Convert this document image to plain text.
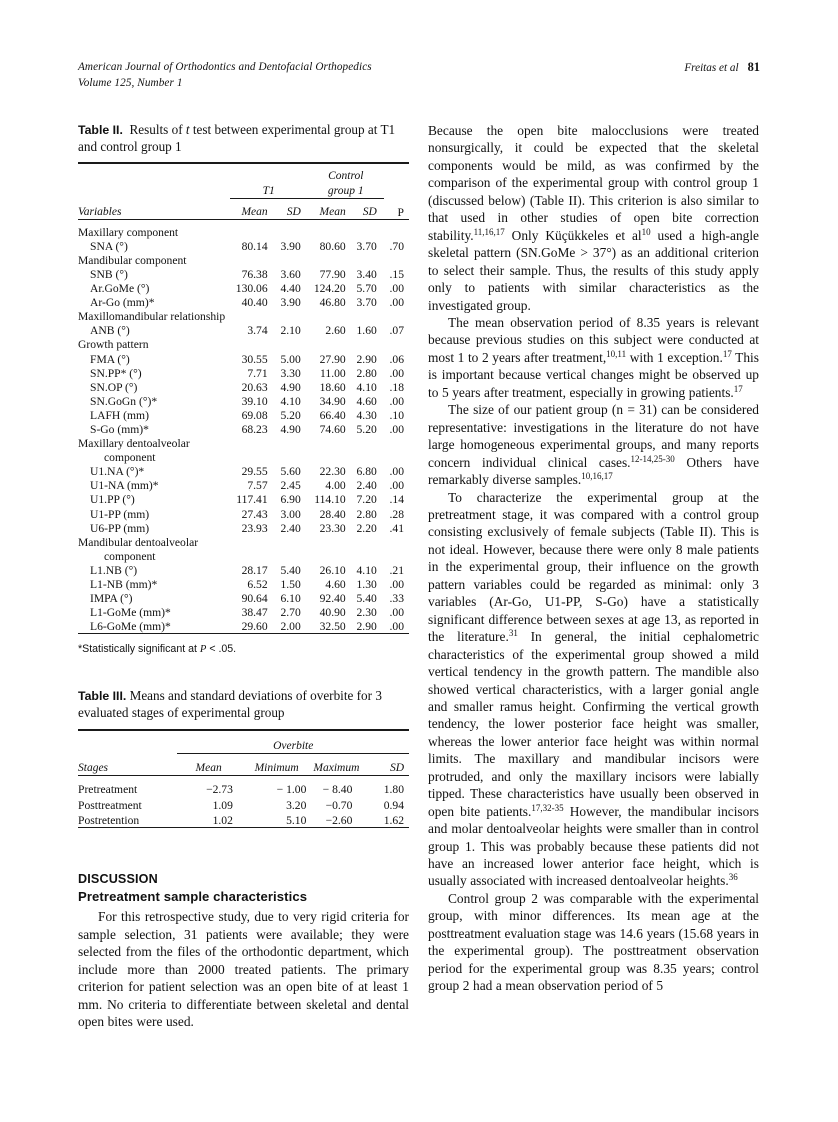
American Journal of Orthodontics and Dentofacial Orthopedics
Volume 125, Number 1
Freitas et al 81
Table II.  Results of t test between experimental group at T1 and control group 1

			Control		
	T1		group 1		

Variables	Mean	SD	Mean	SD	P

Maxillary component					
SNA (°)	80.14	3.90	80.60	3.70	.70
Mandibular component					
SNB (°)	76.38	3.60	77.90	3.40	.15
Ar.GoMe (°)	130.06	4.40	124.20	5.70	.00
Ar-Go (mm)*	40.40	3.90	46.80	3.70	.00
Maxillomandibular relationship					
ANB (°)	3.74	2.10	2.60	1.60	.07
Growth pattern					
FMA (°)	30.55	5.00	27.90	2.90	.06
SN.PP* (°)	7.71	3.30	11.00	2.80	.00
SN.OP (°)	20.63	4.90	18.60	4.10	.18
SN.GoGn (°)*	39.10	4.10	34.90	4.60	.00
LAFH (mm)	69.08	5.20	66.40	4.30	.10
S-Go (mm)*	68.23	4.90	74.60	5.20	.00
Maxillary dentoalveolar					
component					
U1.NA (°)*	29.55	5.60	22.30	6.80	.00
U1-NA (mm)*	7.57	2.45	4.00	2.40	.00
U1.PP (°)	117.41	6.90	114.10	7.20	.14
U1-PP (mm)	27.43	3.00	28.40	2.80	.28
U6-PP (mm)	23.93	2.40	23.30	2.20	.41
Mandibular dentoalveolar					
component					
L1.NB (°)	28.17	5.40	26.10	4.10	.21
L1-NB (mm)*	6.52	1.50	4.60	1.30	.00
IMPA (°)	90.64	6.10	92.40	5.40	.33
L1-GoMe (mm)*	38.47	2.70	40.90	2.30	.00
L6-GoMe (mm)*	29.60	2.00	32.50	2.90	.00

*Statistically significant at P < .05.
Table III. Means and standard deviations of overbite for 3 evaluated stages of experimental group

	Overbite			

Stages	Mean	Minimum	Maximum	SD

Pretreatment	−2.73	− 1.00	− 8.40	1.80
Posttreatment	1.09	3.20	−0.70	0.94
Postretention	1.02	5.10	−2.60	1.62

DISCUSSION
Pretreatment sample characteristics

For this retrospective study, due to very rigid criteria for sample selection, 31 patients were available; they were selected from the files of the orthodontic department, which include more than 2000 treated patients. The primary criterion for patient selection was an open bite of at least 1 mm. No criteria to differentiate between skeletal and dental open bites were used.

Because the open bite malocclusions were treated nonsurgically, it could be expected that the skeletal components would be mild, as was confirmed by the comparison of the experimental group with control group 1 (discussed below) (Table II). This criterion is also similar to that used in other studies of open bite correction stability.$^{11,16,17}$ Only Küçükkeles et $al^{10}$ used a high-angle skeletal pattern (SN.GoMe > 37°) as an additional criterion to select their sample. Thus, the results of this study apply only to patients with similar characteristics as the investigated group.

The mean observation period of 8.35 years is relevant because previous studies on this subject were conducted at most 1 to 2 years after treatment,$^{10,11}$ with 1 exception.$^{17}$ This is important because vertical changes might be observed up to 5 years after treatment, especially in growing patients.$^{17}$

The size of our patient group (n = 31) can be considered representative: investigations in the literature do not have large homogeneous experimental groups, and many reports concern individual clinical cases.$^{12-14,25-30}$ Others have remarkably diverse samples.$^{10,16,17}$

To characterize the experimental group at the pretreatment stage, it was compared with a control group consisting exclusively of female subjects (Table II). This is not ideal. However, because there were only 8 male patients in the experimental group, their influence on the growth pattern variables could be regarded as minimal: only 3 variables (Ar-Go, U1-PP, S-Go) have a statistically significant difference between sexes at age 13, as reported in the literature.$^{31}$ In general, the initial cephalometric characteristics of the experimental group showed a mild vertical tendency in the growth pattern. The mandible also showed vertical characteristics, with a larger gonial angle and smaller ramus height. Confirming the vertical growth tendency, the lower posterior face height was smaller, whereas the lower anterior face height was within normal limits. The maxillary and mandibular incisors were protruded, and only the maxillary incisors were labially tipped. These characteristics have usually been observed in open bite patients.$^{17,32-35}$ However, the mandibular incisors and molar dentoalveolar heights were smaller than in control group 1. This was probably because these patients did not have an increased lower anterior face height, which is usually associated with increased dentoalveolar heights.$^{36}$

Control group 2 was comparable with the experimental group, with minor differences. Its mean age at the posttreatment evaluation stage was 14.6 years (15.68 years in the experimental group). The posttreatment observation period for the experimental group was 8.35 years; control group 2 had a mean observation period of 5
